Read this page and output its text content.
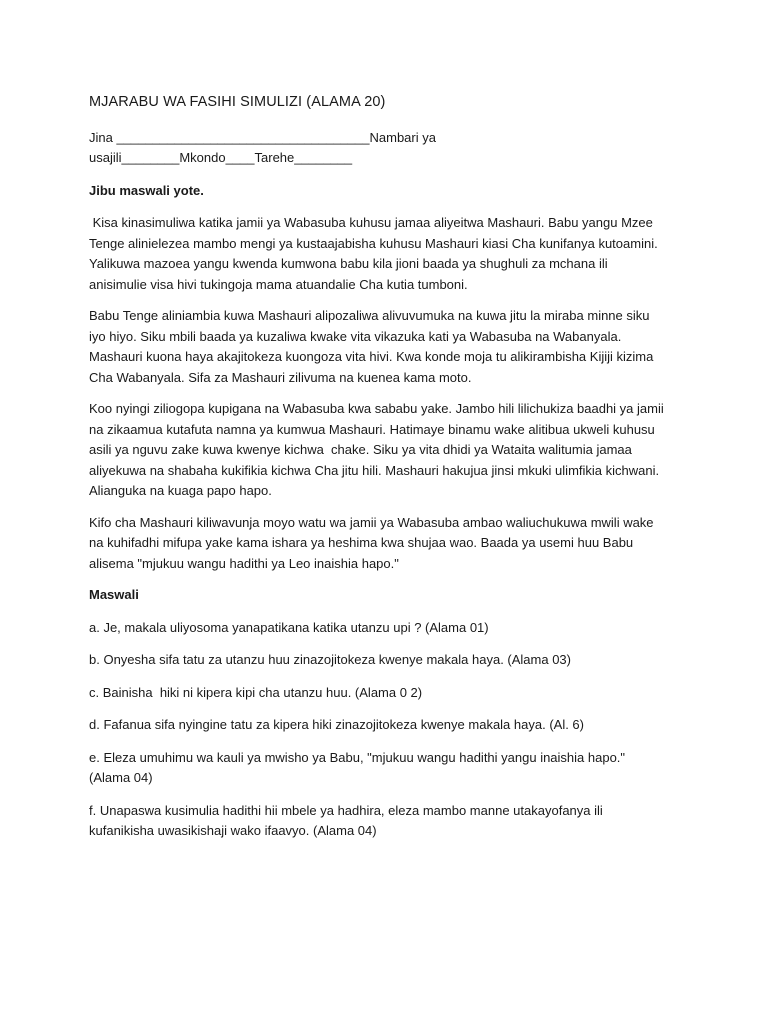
MJARABU WA FASIHI SIMULIZI (ALAMA 20)

Jina ___________________________________Nambari ya

usajili________Mkondo____Tarehe________

Jibu maswali yote.

Kisa kinasimuliwa katika jamii ya Wabasuba kuhusu jamaa aliyeitwa Mashauri. Babu yangu Mzee Tenge alinielezea mambo mengi ya kustaajabisha kuhusu Mashauri kiasi Cha kunifanya kutoamini. Yalikuwa mazoea yangu kwenda kumwona babu kila jioni baada ya shughuli za mchana ili anisimulie visa hivi tukingoja mama atuandalie Cha kutia tumboni.

Babu Tenge aliniambia kuwa Mashauri alipozaliwa alivuvumuka na kuwa jitu la miraba minne siku iyo hiyo. Siku mbili baada ya kuzaliwa kwake vita vikazuka kati ya Wabasuba na Wabanyala. Mashauri kuona haya akajitokeza kuongoza vita hivi. Kwa konde moja tu alikirambisha Kijiji kizima Cha Wabanyala. Sifa za Mashauri zilivuma na kuenea kama moto.

Koo nyingi ziliogopa kupigana na Wabasuba kwa sababu yake. Jambo hili lilichukiza baadhi ya jamii na zikaamua kutafuta namna ya kumwua Mashauri. Hatimaye binamu wake alitibua ukweli kuhusu asili ya nguvu zake kuwa kwenye kichwa  chake. Siku ya vita dhidi ya Wataita walitumia jamaa aliyekuwa na shabaha kukifikia kichwa Cha jitu hili. Mashauri hakujua jinsi mkuki ulimfikia kichwani. Alianguka na kuaga papo hapo.

Kifo cha Mashauri kiliwavunja moyo watu wa jamii ya Wabasuba ambao waliuchukuwa mwili wake na kuhifadhi mifupa yake kama ishara ya heshima kwa shujaa wao. Baada ya usemi huu Babu alisema "mjukuu wangu hadithi ya Leo inaishia hapo."

Maswali

a. Je, makala uliyosoma yanapatikana katika utanzu upi ? (Alama 01)

b. Onyesha sifa tatu za utanzu huu zinazojitokeza kwenye makala haya. (Alama 03)

c. Bainisha  hiki ni kipera kipi cha utanzu huu. (Alama 0 2)

d. Fafanua sifa nyingine tatu za kipera hiki zinazojitokeza kwenye makala haya. (Al. 6)

e. Eleza umuhimu wa kauli ya mwisho ya Babu, "mjukuu wangu hadithi yangu inaishia hapo."  (Alama 04)

f. Unapaswa kusimulia hadithi hii mbele ya hadhira, eleza mambo manne utakayofanya ili kufanikisha uwasikishaji wako ifaavyo. (Alama 04)
